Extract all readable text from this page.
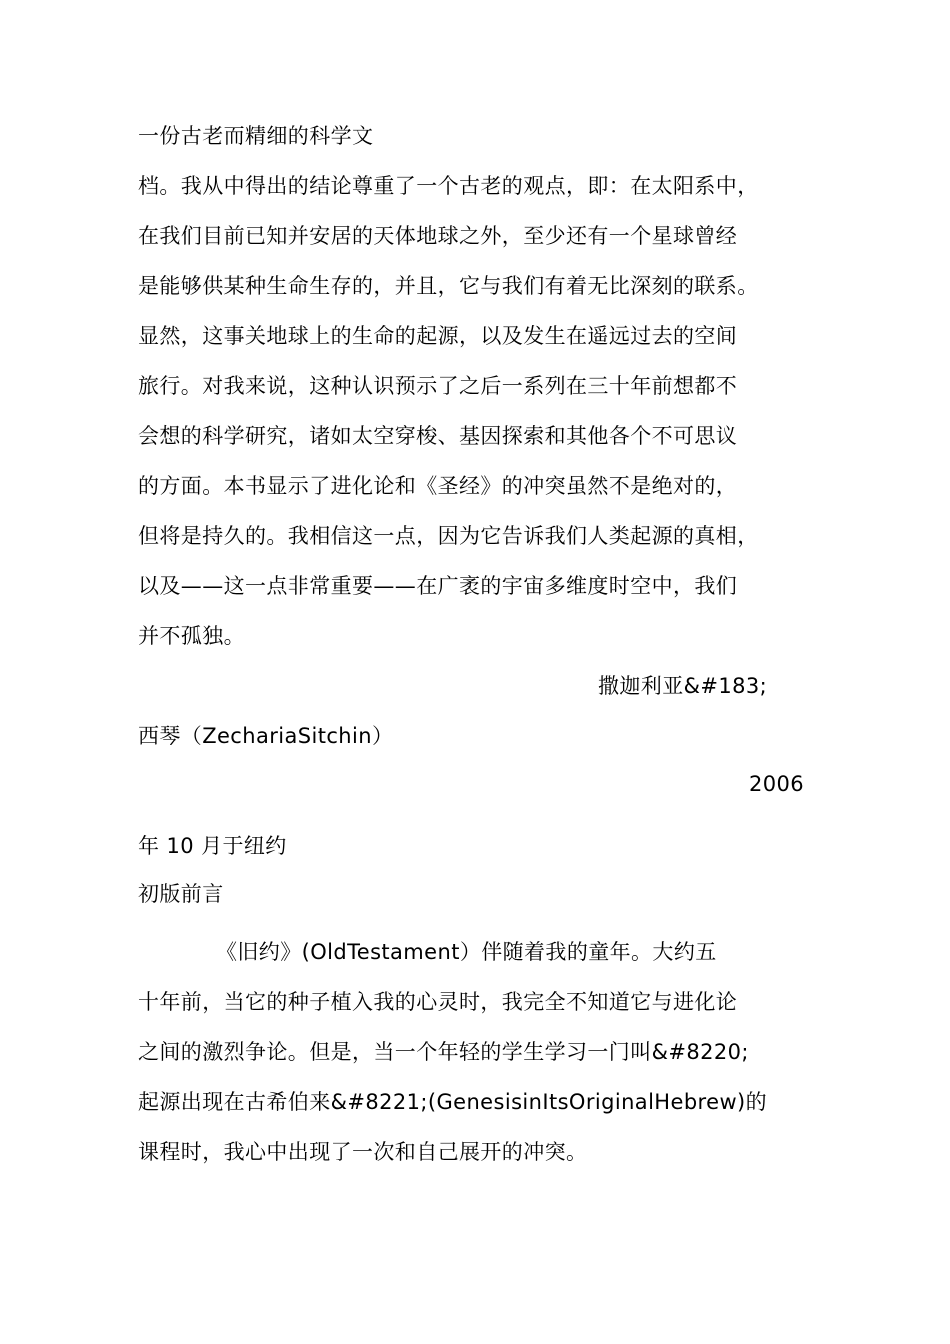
一份古老而精细的科学文
档。我从中得出的结论尊重了一个古老的观点，即：在太阳系中，
在我们目前已知并安居的天体地球之外，至少还有一个星球曾经
是能够供某种生命生存的，并且，它与我们有着无比深刻的联系。
显然，这事关地球上的生命的起源，以及发生在遥远过去的空间
旅行。对我来说，这种认识预示了之后一系列在三十年前想都不
会想的科学研究，诸如太空穿梭、基因探索和其他各个不可思议
的方面。本书显示了进化论和《圣经》的冲突虽然不是绝对的，
但将是持久的。我相信这一点，因为它告诉我们人类起源的真相，
以及——这一点非常重要——在广袤的宇宙多维度时空中，我们
并不孤独。
撒迦利亚&#183;
西琴（ZechariaSitchin）
2006
年 10 月于纽约
初版前言
《旧约》(OldTestament）伴随着我的童年。大约五
十年前，当它的种子植入我的心灵时，我完全不知道它与进化论
之间的激烈争论。但是，当一个年轻的学生学习一门叫&#8220;
起源出现在古希伯来&#8221;(GenesisinItsOriginalHebrew)的
课程时，我心中出现了一次和自己展开的冲突。
